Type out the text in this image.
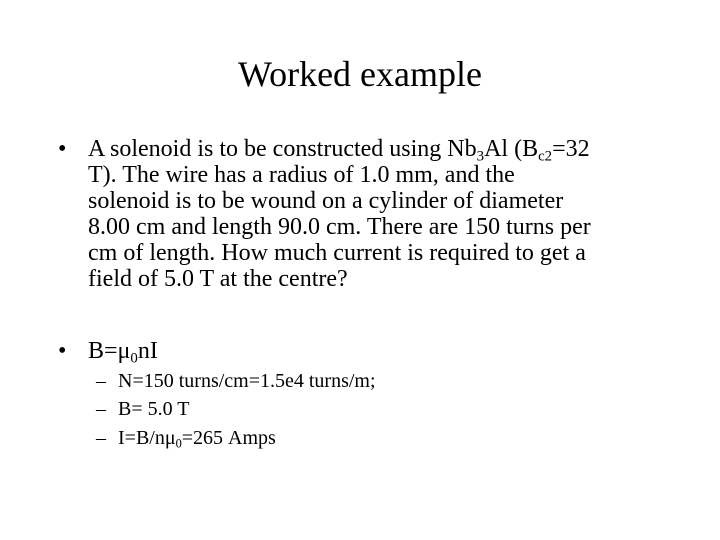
Worked example
• A solenoid is to be constructed using $Nb_3Al$ ($B_{c2}=32$
T). The wire has a radius of 1.0 mm, and the
solenoid is to be wound on a cylinder of diameter
8.00 cm and length 90.0 cm. There are 150 turns per
cm of length. How much current is required to get a
field of 5.0 T at the centre?
• $B=\mu_0nI$
– N=150 turns/cm=1.5e4 turns/m;
– B= 5.0 T
– $I=B/n\mu_0=265$ Amps
